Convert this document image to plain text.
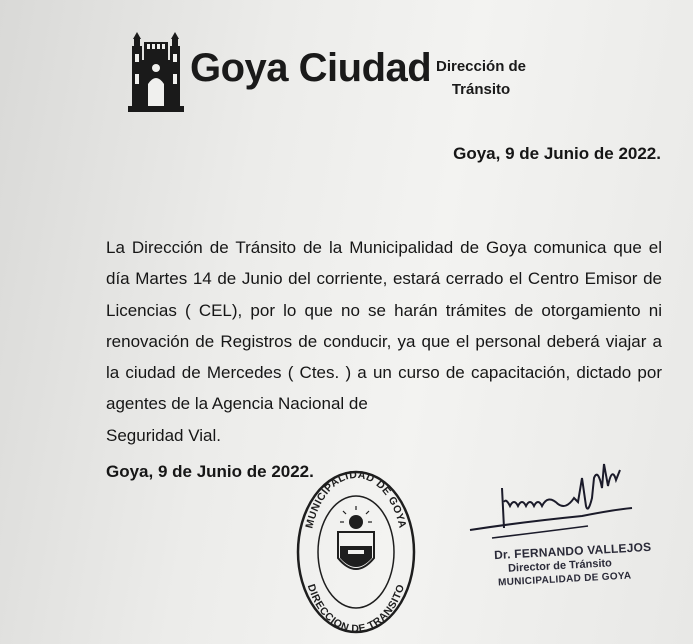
Goya Ciudad Dirección de
Tránsito
Goya, 9 de Junio de 2022.
La Dirección de Tránsito de la Municipalidad de Goya comunica que el día Martes 14 de Junio del corriente, estará cerrado el Centro Emisor de Licencias ( CEL), por lo que no se harán trámites de otorgamiento ni renovación de Registros de conducir, ya que el personal deberá viajar a la ciudad de Mercedes ( Ctes. ) a un curso de capacitación, dictado por agentes de la Agencia Nacional de
Seguridad Vial.
Goya, 9 de Junio de 2022.
MUNICIPALIDAD DE GOYA
DIRECCION DE TRANSITO
Dr. FERNANDO VALLEJOS
Director de Tránsito
MUNICIPALIDAD DE GOYA
